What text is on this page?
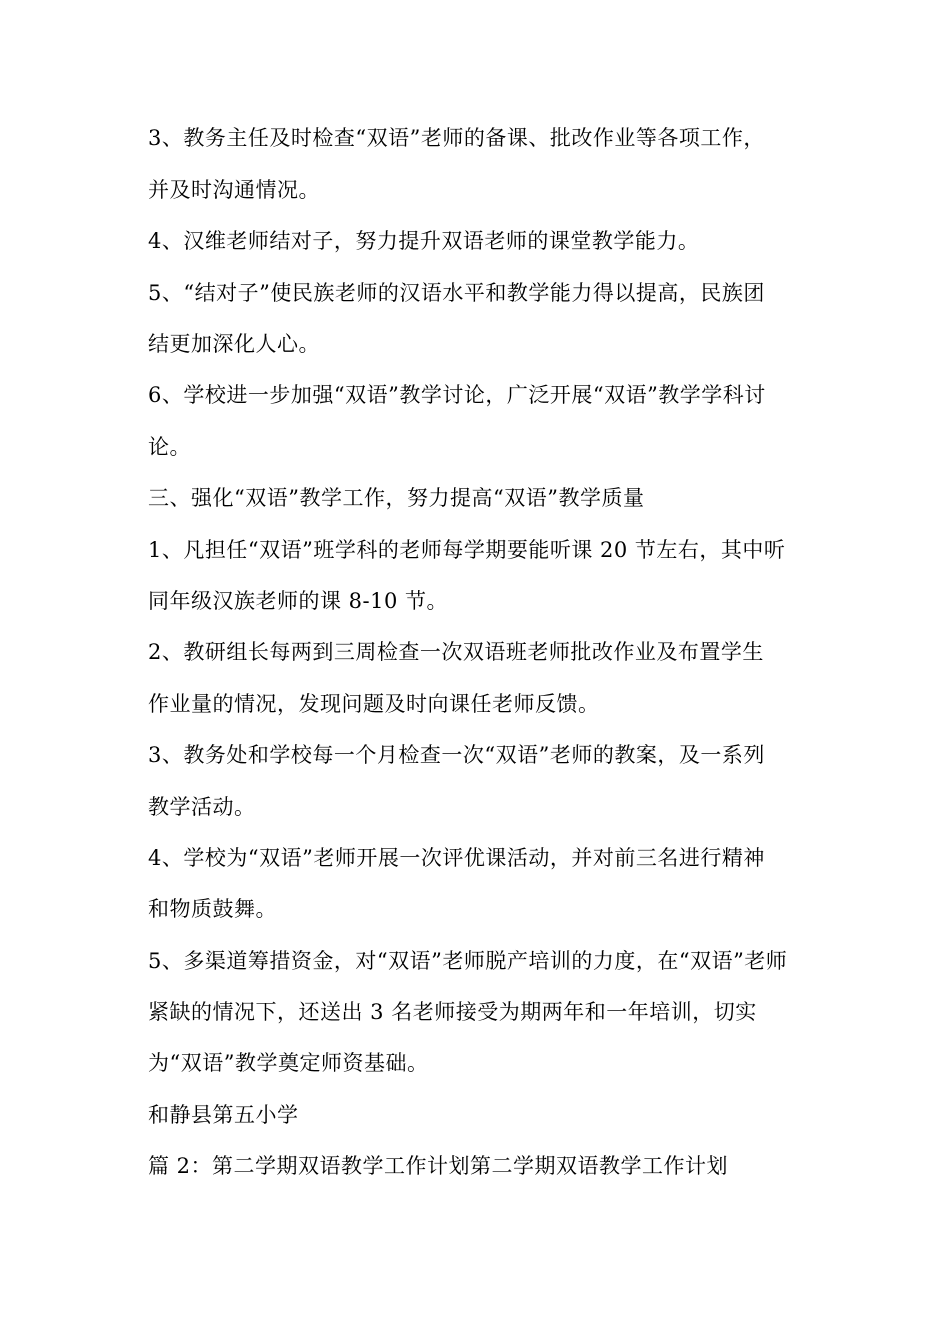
3、教务主任及时检查“双语”老师的备课、批改作业等各项工作，
并及时沟通情况。
4、汉维老师结对子，努力提升双语老师的课堂教学能力。
5、“结对子”使民族老师的汉语水平和教学能力得以提高，民族团
结更加深化人心。
6、学校进一步加强“双语”教学讨论，广泛开展“双语”教学学科讨
论。
三、强化“双语”教学工作，努力提高“双语”教学质量
1、凡担任“双语”班学科的老师每学期要能听课 20 节左右，其中听
同年级汉族老师的课 8-10 节。
2、教研组长每两到三周检查一次双语班老师批改作业及布置学生
作业量的情况，发现问题及时向课任老师反馈。
3、教务处和学校每一个月检查一次“双语”老师的教案，及一系列
教学活动。
4、学校为“双语”老师开展一次评优课活动，并对前三名进行精神
和物质鼓舞。
5、多渠道筹措资金，对“双语”老师脱产培训的力度，在“双语”老师
紧缺的情况下，还送出 3 名老师接受为期两年和一年培训，切实
为“双语”教学奠定师资基础。
和静县第五小学
篇 2：第二学期双语教学工作计划第二学期双语教学工作计划
